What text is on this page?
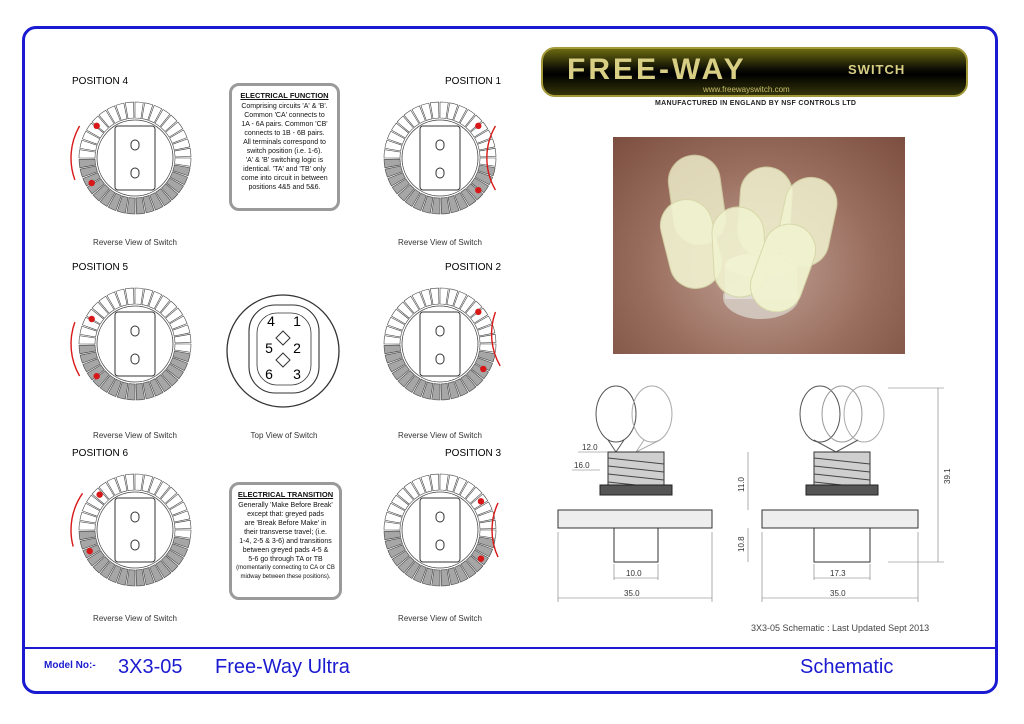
POSITION 4	POSITION 1
POSITION 5	POSITION 2
POSITION 6	POSITION 3
Reverse View of Switch	Reverse View of Switch
Reverse View of Switch	Reverse View of Switch
Reverse View of Switch	Reverse View of Switch
4 1
5 2
6 3
Top View of Switch
ELECTRICAL FUNCTION
Comprising circuits 'A' & 'B'.
Common 'CA' connects to
1A - 6A pairs. Common 'CB'
connects to 1B - 6B pairs.
All terminals correspond to
switch position (i.e. 1-6).
'A' & 'B' switching logic is
identical. 'TA' and 'TB' only
come into circuit in between
positions 4&5 and 5&6.
ELECTRICAL TRANSITION
Generally 'Make Before Break'
except that: greyed pads
are 'Break Before Make' in
their transverse travel; (i.e.
1-4, 2-5 & 3-6) and transitions
between greyed pads 4-5 &
5-6 go through TA or TB
(momentarily connecting to CA or CB
midway between these positions).
FREE-WAY	SWITCH
www.freewayswitch.com
MANUFACTURED IN ENGLAND BY NSF CONTROLS LTD
12.0
16.0
10.0
35.0
11.0
10.8
39.1
17.3
35.0
3X3-05 Schematic : Last Updated Sept 2013
Model No:- 3X3-05 Free-Way Ultra	Schematic
